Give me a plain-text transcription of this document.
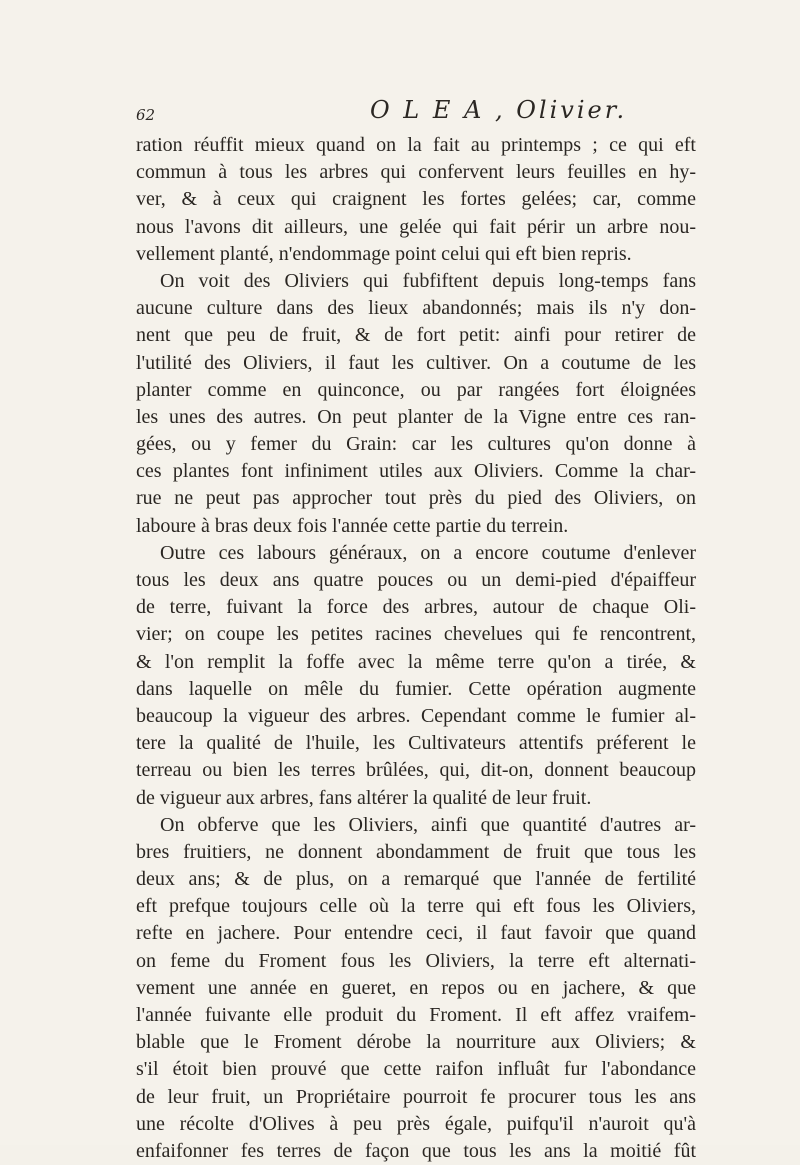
62	O L E A , Olivier.
ration réuffit mieux quand on la fait au printemps ; ce qui eft
commun à tous les arbres qui confervent leurs feuilles en hy-
ver, & à ceux qui craignent les fortes gelées; car, comme
nous l'avons dit ailleurs, une gelée qui fait périr un arbre nou-
vellement planté, n'endommage point celui qui eft bien repris.
On voit des Oliviers qui fubfiftent depuis long-temps fans
aucune culture dans des lieux abandonnés; mais ils n'y don-
nent que peu de fruit, & de fort petit: ainfi pour retirer de
l'utilité des Oliviers, il faut les cultiver. On a coutume de les
planter comme en quinconce, ou par rangées fort éloignées
les unes des autres. On peut planter de la Vigne entre ces ran-
gées, ou y femer du Grain: car les cultures qu'on donne à
ces plantes font infiniment utiles aux Oliviers. Comme la char-
rue ne peut pas approcher tout près du pied des Oliviers, on
laboure à bras deux fois l'année cette partie du terrein.
Outre ces labours généraux, on a encore coutume d'enlever
tous les deux ans quatre pouces ou un demi-pied d'épaiffeur
de terre, fuivant la force des arbres, autour de chaque Oli-
vier; on coupe les petites racines chevelues qui fe rencontrent,
& l'on remplit la foffe avec la même terre qu'on a tirée, &
dans laquelle on mêle du fumier. Cette opération augmente
beaucoup la vigueur des arbres. Cependant comme le fumier al-
tere la qualité de l'huile, les Cultivateurs attentifs préferent le
terreau ou bien les terres brûlées, qui, dit-on, donnent beaucoup
de vigueur aux arbres, fans altérer la qualité de leur fruit.
On obferve que les Oliviers, ainfi que quantité d'autres ar-
bres fruitiers, ne donnent abondamment de fruit que tous les
deux ans; & de plus, on a remarqué que l'année de fertilité
eft prefque toujours celle où la terre qui eft fous les Oliviers,
refte en jachere. Pour entendre ceci, il faut favoir que quand
on feme du Froment fous les Oliviers, la terre eft alternati-
vement une année en gueret, en repos ou en jachere, & que
l'année fuivante elle produit du Froment. Il eft affez vraifem-
blable que le Froment dérobe la nourriture aux Oliviers; &
s'il étoit bien prouvé que cette raifon influât fur l'abondance
de leur fruit, un Propriétaire pourroit fe procurer tous les ans
une récolte d'Olives à peu près égale, puifqu'il n'auroit qu'à
enfaifonner fes terres de façon que tous les ans la moitié fût
